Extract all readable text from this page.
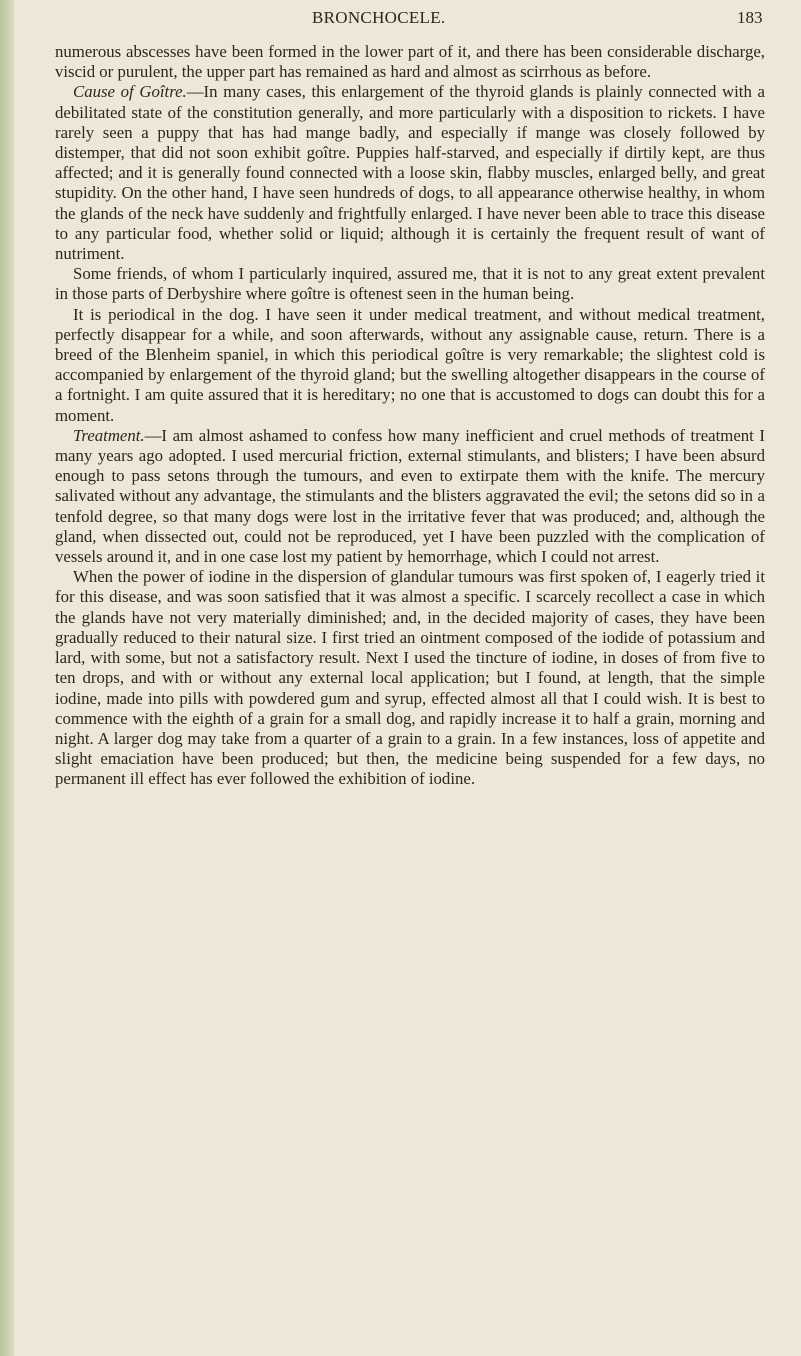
BRONCHOCELE.	183

numerous abscesses have been formed in the lower part of it, and there has been considerable discharge, viscid or purulent, the upper part has remained as hard and almost as scirrhous as before.

Cause of Goître.—In many cases, this enlargement of the thyroid glands is plainly connected with a debilitated state of the constitution generally, and more particularly with a disposition to rickets. I have rarely seen a puppy that has had mange badly, and especially if mange was closely followed by distemper, that did not soon exhibit goître. Puppies half-starved, and especially if dirtily kept, are thus affected; and it is generally found connected with a loose skin, flabby muscles, enlarged belly, and great stupidity. On the other hand, I have seen hundreds of dogs, to all appearance otherwise healthy, in whom the glands of the neck have suddenly and frightfully enlarged. I have never been able to trace this disease to any particular food, whether solid or liquid; although it is certainly the frequent result of want of nutriment.

Some friends, of whom I particularly inquired, assured me, that it is not to any great extent prevalent in those parts of Derbyshire where goître is oftenest seen in the human being.

It is periodical in the dog. I have seen it under medical treatment, and without medical treatment, perfectly disappear for a while, and soon afterwards, without any assignable cause, return. There is a breed of the Blenheim spaniel, in which this periodical goître is very remarkable; the slightest cold is accompanied by enlargement of the thyroid gland; but the swelling altogether disappears in the course of a fortnight. I am quite assured that it is hereditary; no one that is accustomed to dogs can doubt this for a moment.

Treatment.—I am almost ashamed to confess how many inefficient and cruel methods of treatment I many years ago adopted. I used mercurial friction, external stimulants, and blisters; I have been absurd enough to pass setons through the tumours, and even to extirpate them with the knife. The mercury salivated without any advantage, the stimulants and the blisters aggravated the evil; the setons did so in a tenfold degree, so that many dogs were lost in the irritative fever that was produced; and, although the gland, when dissected out, could not be reproduced, yet I have been puzzled with the complication of vessels around it, and in one case lost my patient by hemorrhage, which I could not arrest.

When the power of iodine in the dispersion of glandular tumours was first spoken of, I eagerly tried it for this disease, and was soon satisfied that it was almost a specific. I scarcely recollect a case in which the glands have not very materially diminished; and, in the decided majority of cases, they have been gradually reduced to their natural size. I first tried an ointment composed of the iodide of potassium and lard, with some, but not a satisfactory result. Next I used the tincture of iodine, in doses of from five to ten drops, and with or without any external local application; but I found, at length, that the simple iodine, made into pills with powdered gum and syrup, effected almost all that I could wish. It is best to commence with the eighth of a grain for a small dog, and rapidly increase it to half a grain, morning and night. A larger dog may take from a quarter of a grain to a grain. In a few instances, loss of appetite and slight emaciation have been produced; but then, the medicine being suspended for a few days, no permanent ill effect has ever followed the exhibition of iodine.
